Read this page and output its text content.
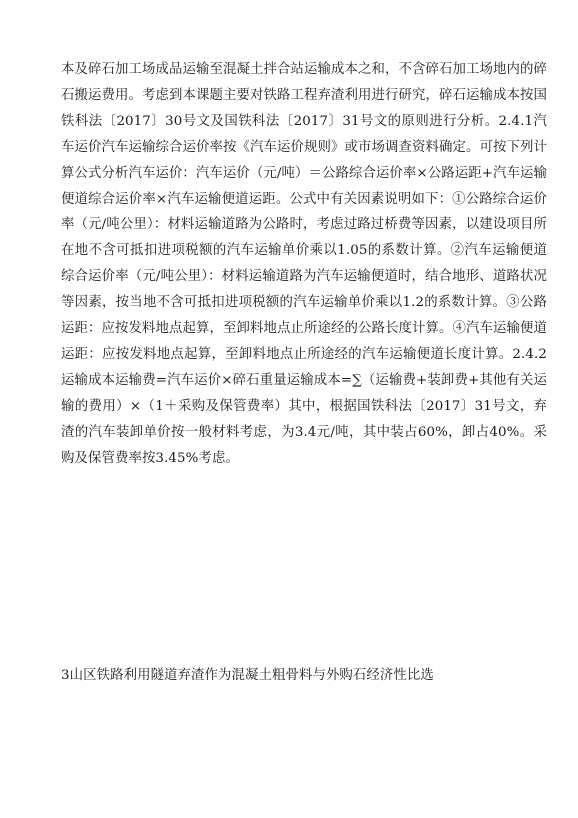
本及碎石加工场成品运输至混凝土拌合站运输成本之和，不含碎石加工场地内的碎石搬运费用。考虑到本课题主要对铁路工程弃渣利用进行研究，碎石运输成本按国铁科法〔2017〕30号文及国铁科法〔2017〕31号文的原则进行分析。2.4.1汽车运价汽车运输综合运价率按《汽车运价规则》或市场调查资料确定。可按下列计算公式分析汽车运价：汽车运价（元/吨）＝公路综合运价率×公路运距+汽车运输便道综合运价率×汽车运输便道运距。公式中有关因素说明如下：①公路综合运价率（元/吨公里）：材料运输道路为公路时，考虑过路过桥费等因素，以建设项目所在地不含可抵扣进项税额的汽车运输单价乘以1.05的系数计算。②汽车运输便道综合运价率（元/吨公里）：材料运输道路为汽车运输便道时，结合地形、道路状况等因素，按当地不含可抵扣进项税额的汽车运输单价乘以1.2的系数计算。③公路运距：应按发料地点起算，至卸料地点止所途经的公路长度计算。④汽车运输便道运距：应按发料地点起算，至卸料地点止所途经的汽车运输便道长度计算。2.4.2运输成本运输费=汽车运价×碎石重量运输成本=∑（运输费+装卸费+其他有关运输的费用）×（1＋采购及保管费率）其中，根据国铁科法〔2017〕31号文，弃渣的汽车装卸单价按一般材料考虑，为3.4元/吨，其中装占60%，卸占40%。采购及保管费率按3.45%考虑。

3山区铁路利用隧道弃渣作为混凝土粗骨料与外购石经济性比选
